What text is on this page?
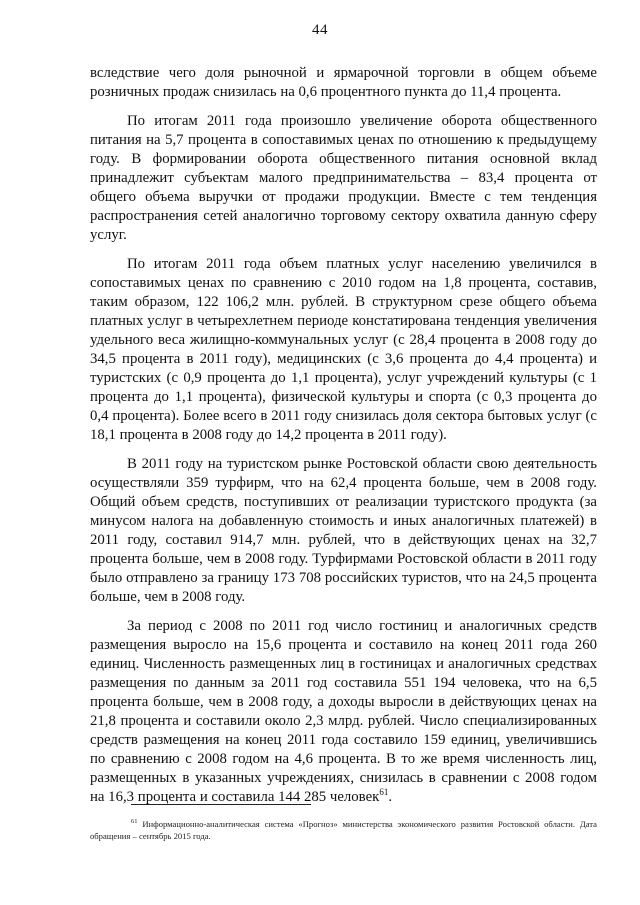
44

вследствие чего доля рыночной и ярмарочной торговли в общем объеме розничных продаж снизилась на 0,6 процентного пункта до 11,4 процента.

По итогам 2011 года произошло увеличение оборота общественного питания на 5,7 процента в сопоставимых ценах по отношению к предыдущему году. В формировании оборота общественного питания основной вклад принадлежит субъектам малого предпринимательства – 83,4 процента от общего объема выручки от продажи продукции. Вместе с тем тенденция распространения сетей аналогично торговому сектору охватила данную сферу услуг.

По итогам 2011 года объем платных услуг населению увеличился в сопоставимых ценах по сравнению с 2010 годом на 1,8 процента, составив, таким образом, 122 106,2 млн. рублей. В структурном срезе общего объема платных услуг в четырехлетнем периоде констатирована тенденция увеличения удельного веса жилищно-коммунальных услуг (с 28,4 процента в 2008 году до 34,5 процента в 2011 году), медицинских (с 3,6 процента до 4,4 процента) и туристских (с 0,9 процента до 1,1 процента), услуг учреждений культуры (с 1 процента до 1,1 процента), физической культуры и спорта (с 0,3 процента до 0,4 процента). Более всего в 2011 году снизилась доля сектора бытовых услуг (с 18,1 процента в 2008 году до 14,2 процента в 2011 году).

В 2011 году на туристском рынке Ростовской области свою деятельность осуществляли 359 турфирм, что на 62,4 процента больше, чем в 2008 году. Общий объем средств, поступивших от реализации туристского продукта (за минусом налога на добавленную стоимость и иных аналогичных платежей) в 2011 году, составил 914,7 млн. рублей, что в действующих ценах на 32,7 процента больше, чем в 2008 году. Турфирмами Ростовской области в 2011 году было отправлено за границу 173 708 российских туристов, что на 24,5 процента больше, чем в 2008 году.

За период с 2008 по 2011 год число гостиниц и аналогичных средств размещения выросло на 15,6 процента и составило на конец 2011 года 260 единиц. Численность размещенных лиц в гостиницах и аналогичных средствах размещения по данным за 2011 год составила 551 194 человека, что на 6,5 процента больше, чем в 2008 году, а доходы выросли в действующих ценах на 21,8 процента и составили около 2,3 млрд. рублей. Число специализированных средств размещения на конец 2011 года составило 159 единиц, увеличившись по сравнению с 2008 годом на 4,6 процента. В то же время численность лиц, размещенных в указанных учреждениях, снизилась в сравнении с 2008 годом на 16,3 процента и составила 144 285 человек$^{61}$.

$^{61}$ Информационно-аналитическая система «Прогноз» министерства экономического развития Ростовской области. Дата обращения – сентябрь 2015 года.
